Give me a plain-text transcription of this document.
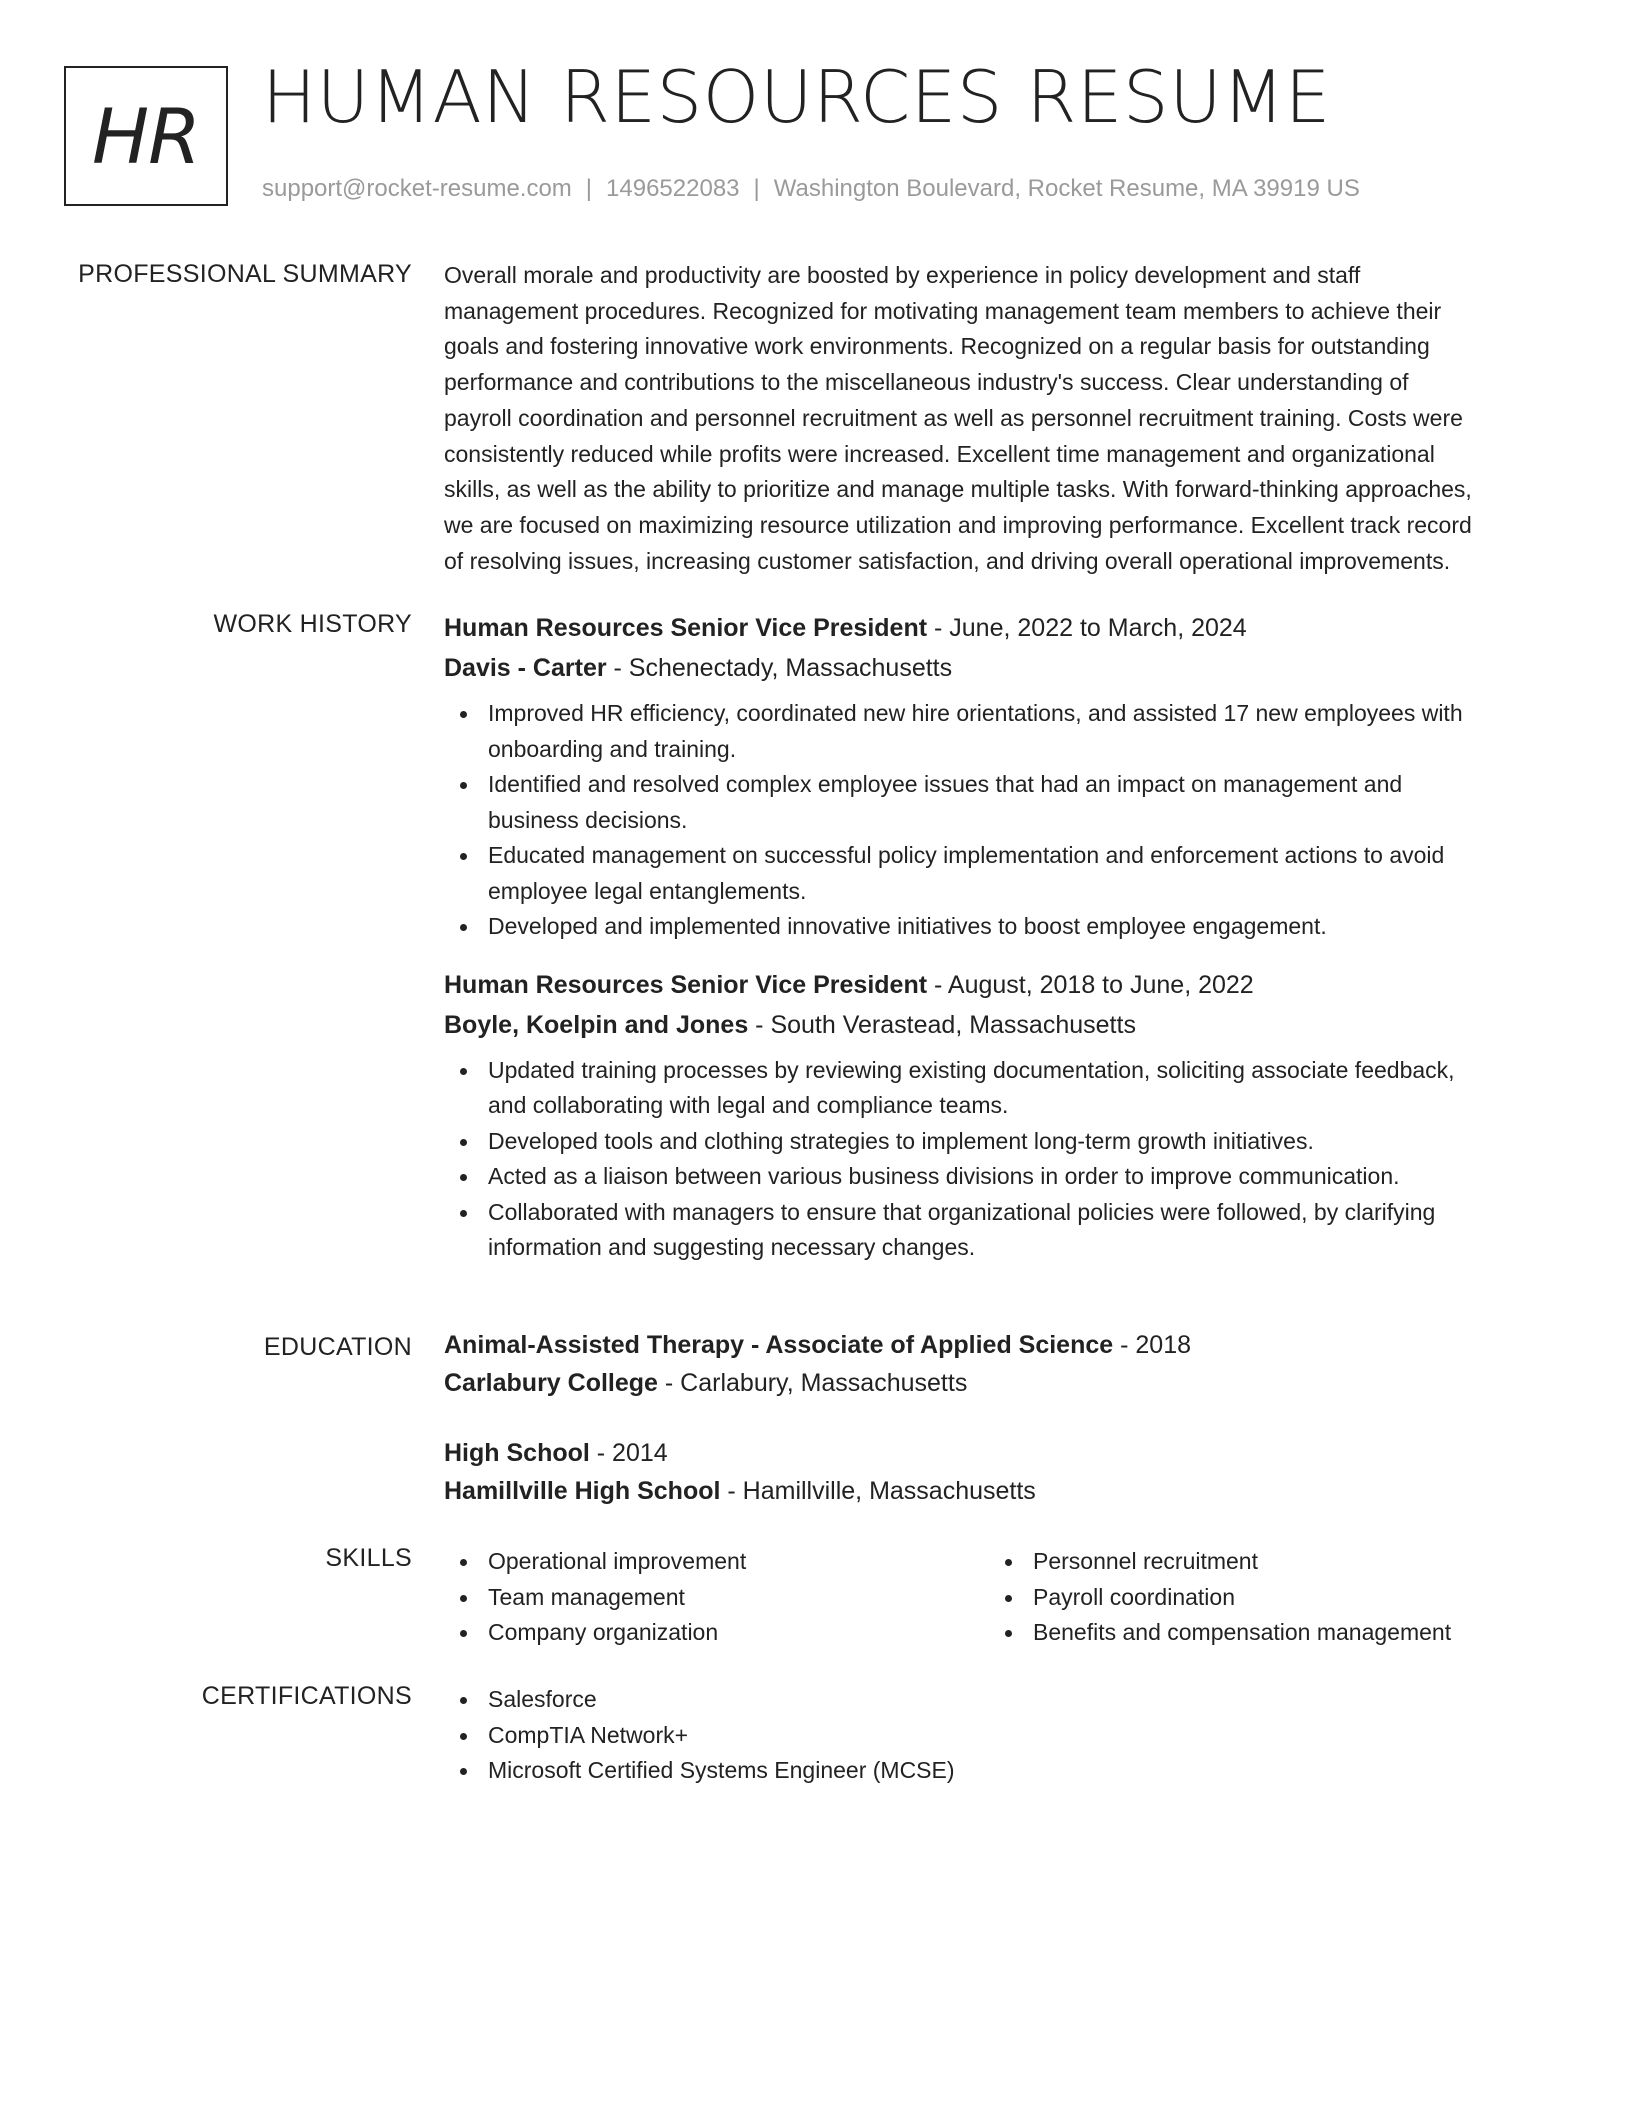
HR HUMAN RESOURCES RESUME
support@rocket-resume.com | 1496522083 | Washington Boulevard, Rocket Resume, MA 39919 US
PROFESSIONAL SUMMARY Overall morale and productivity are boosted by experience in policy development and staff
management procedures. Recognized for motivating management team members to achieve their
goals and fostering innovative work environments. Recognized on a regular basis for outstanding
performance and contributions to the miscellaneous industry's success. Clear understanding of
payroll coordination and personnel recruitment as well as personnel recruitment training. Costs were
consistently reduced while profits were increased. Excellent time management and organizational
skills, as well as the ability to prioritize and manage multiple tasks. With forward-thinking approaches,
we are focused on maximizing resource utilization and improving performance. Excellent track record
of resolving issues, increasing customer satisfaction, and driving overall operational improvements.

WORK HISTORY Human Resources Senior Vice President - June, 2022 to March, 2024
Davis - Carter - Schenectady, Massachusetts
Improved HR efficiency, coordinated new hire orientations, and assisted 17 new employees with
onboarding and training.
Identified and resolved complex employee issues that had an impact on management and
business decisions.
Educated management on successful policy implementation and enforcement actions to avoid
employee legal entanglements.
Developed and implemented innovative initiatives to boost employee engagement.
Human Resources Senior Vice President - August, 2018 to June, 2022
Boyle, Koelpin and Jones - South Verastead, Massachusetts
Updated training processes by reviewing existing documentation, soliciting associate feedback,
and collaborating with legal and compliance teams.
Developed tools and clothing strategies to implement long-term growth initiatives.
Acted as a liaison between various business divisions in order to improve communication.
Collaborated with managers to ensure that organizational policies were followed, by clarifying
information and suggesting necessary changes.
EDUCATION Animal-Assisted Therapy - Associate of Applied Science - 2018
Carlabury College - Carlabury, Massachusetts
High School - 2014
Hamillville High School - Hamillville, Massachusetts
SKILLS	Operational improvement
Team management
Company organization
Personnel recruitment
Payroll coordination
Benefits and compensation management
CERTIFICATIONS	Salesforce
CompTIA Network+
Microsoft Certified Systems Engineer (MCSE)
